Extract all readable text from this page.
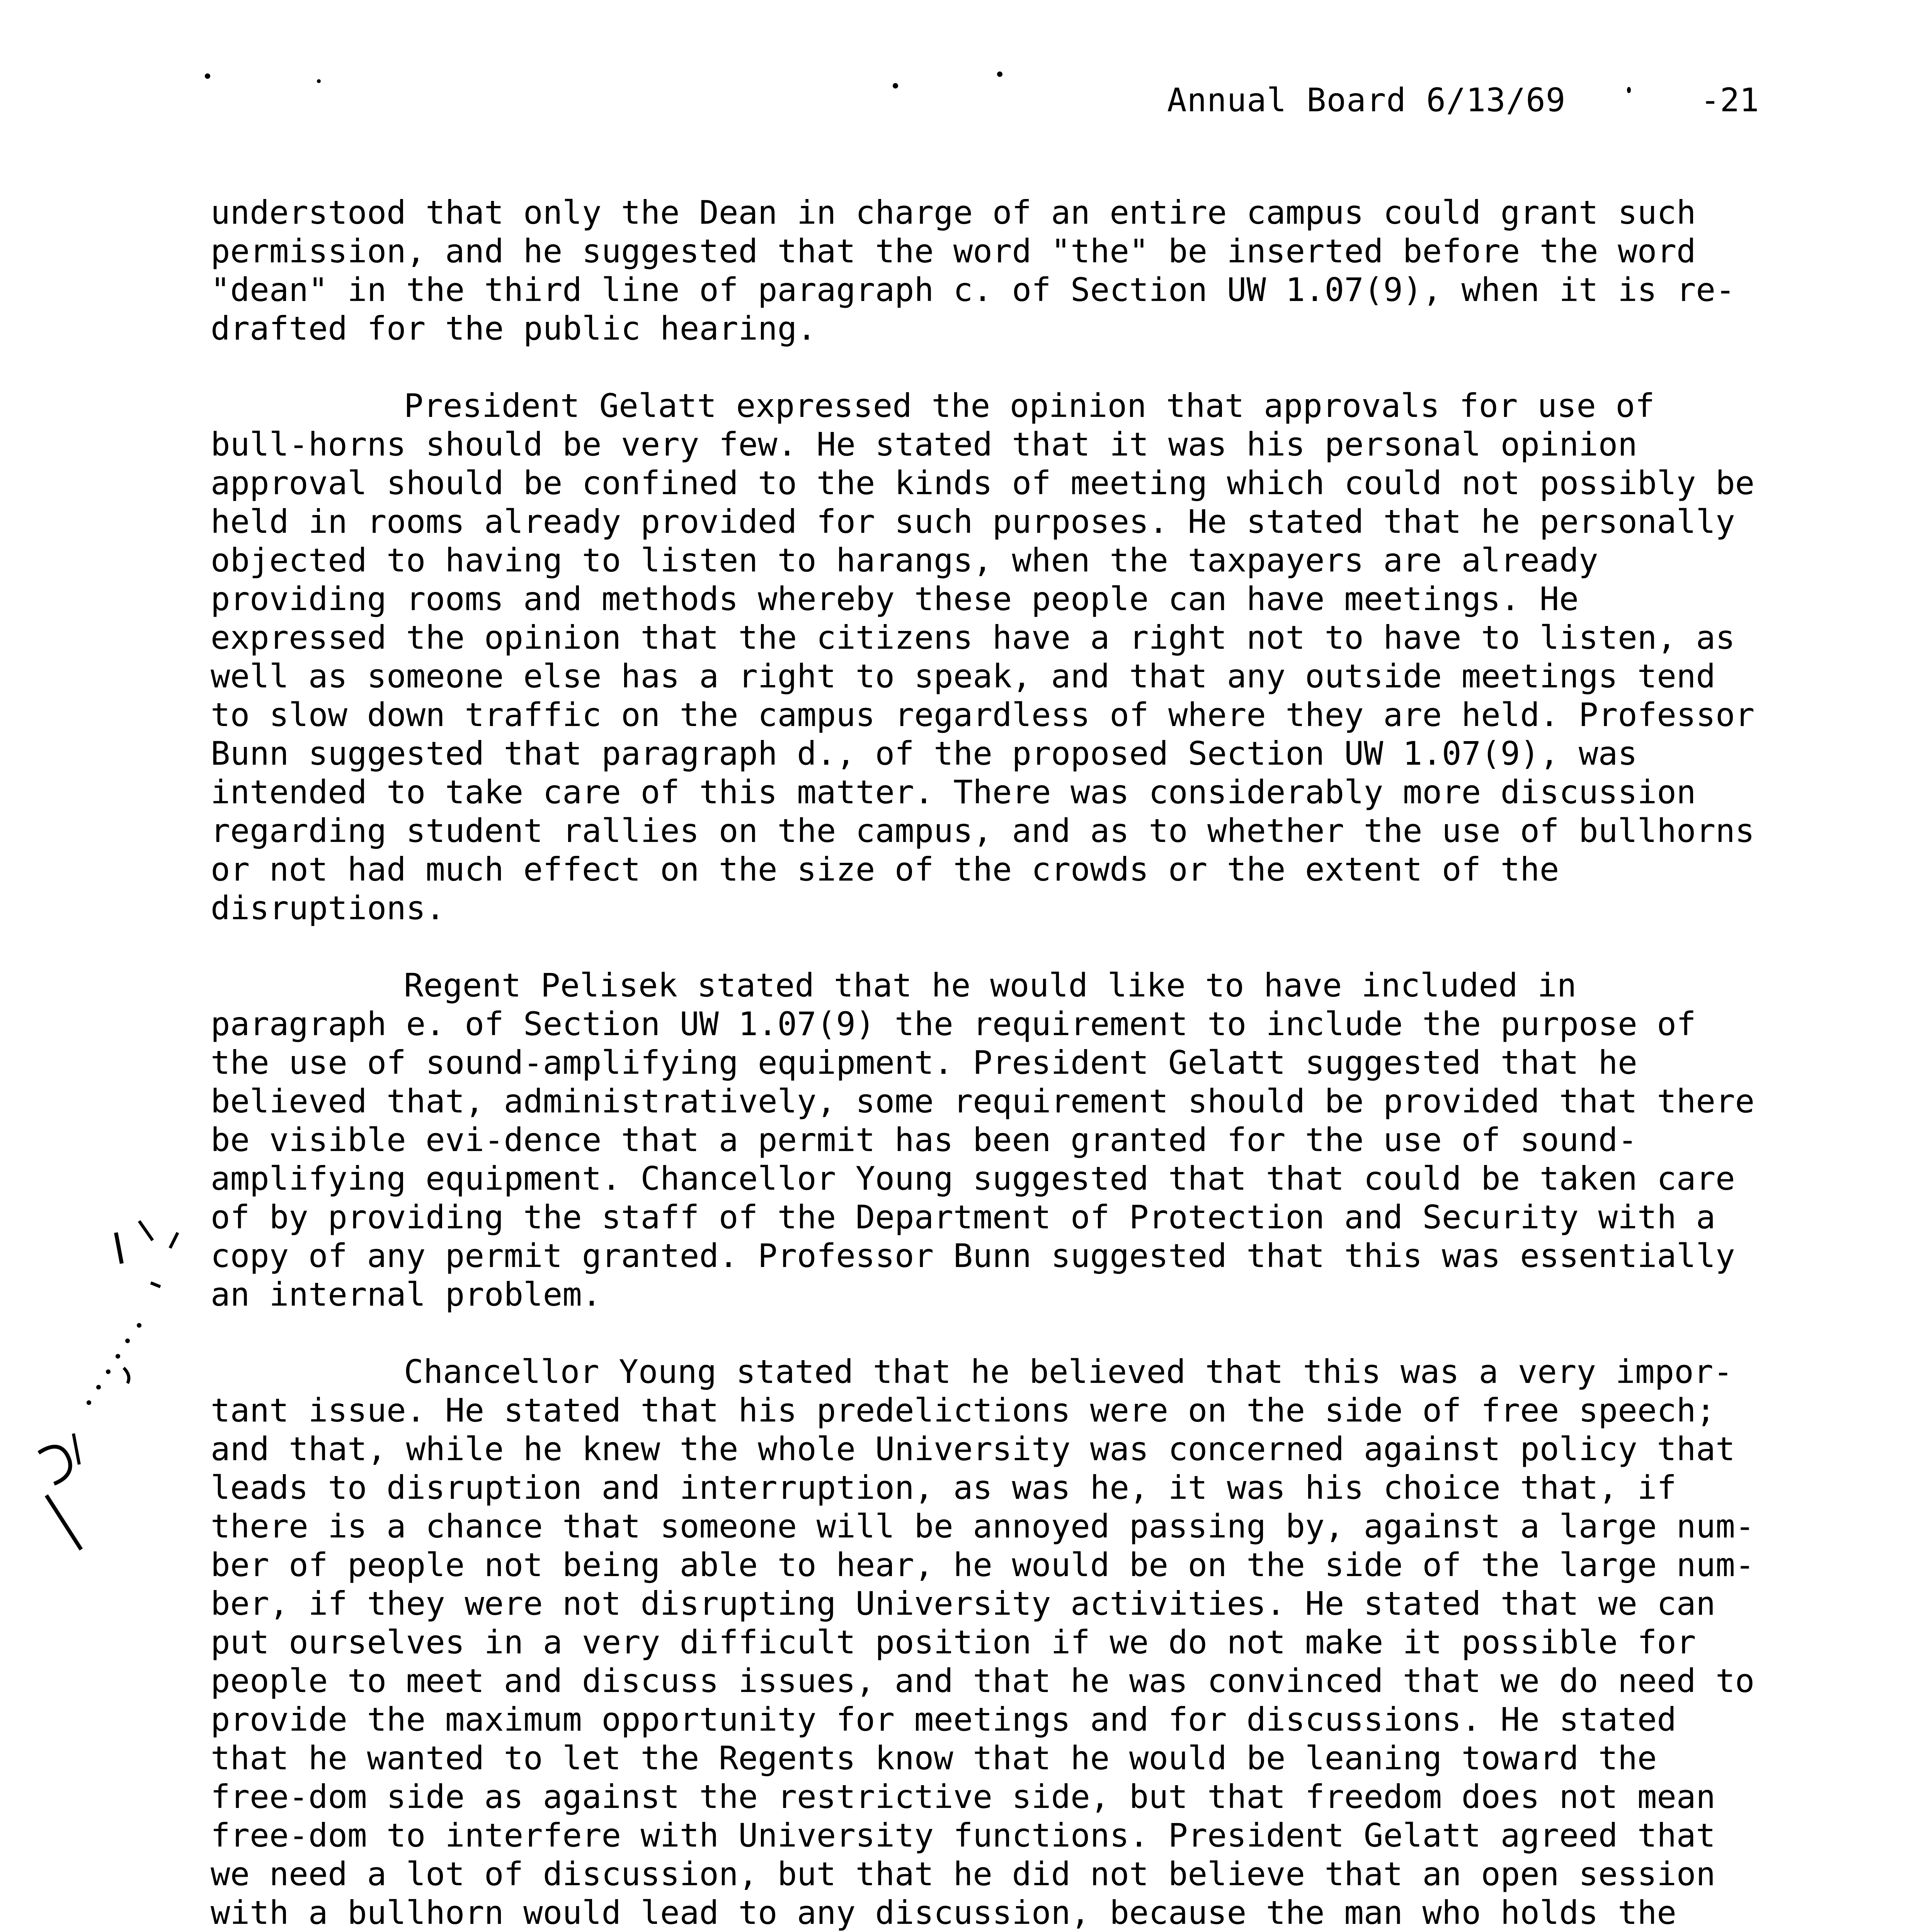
Annual Board 6/13/69	-21

understood that only the Dean in charge of an entire campus could grant such permission, and he suggested that the word "the" be inserted before the word "dean" in the third line of paragraph c. of Section UW 1.07(9), when it is re-drafted for the public hearing.

President Gelatt expressed the opinion that approvals for use of bull-horns should be very few. He stated that it was his personal opinion approval should be confined to the kinds of meeting which could not possibly be held in rooms already provided for such purposes. He stated that he personally objected to having to listen to harangs, when the taxpayers are already providing rooms and methods whereby these people can have meetings. He expressed the opinion that the citizens have a right not to have to listen, as well as someone else has a right to speak, and that any outside meetings tend to slow down traffic on the campus regardless of where they are held. Professor Bunn suggested that paragraph d., of the proposed Section UW 1.07(9), was intended to take care of this matter. There was considerably more discussion regarding student rallies on the campus, and as to whether the use of bullhorns or not had much effect on the size of the crowds or the extent of the disruptions.

Regent Pelisek stated that he would like to have included in paragraph e. of Section UW 1.07(9) the requirement to include the purpose of the use of sound-amplifying equipment. President Gelatt suggested that he believed that, administratively, some requirement should be provided that there be visible evi-dence that a permit has been granted for the use of sound-amplifying equipment. Chancellor Young suggested that that could be taken care of by providing the staff of the Department of Protection and Security with a copy of any permit granted. Professor Bunn suggested that this was essentially an internal problem.

Chancellor Young stated that he believed that this was a very impor-tant issue. He stated that his predelictions were on the side of free speech; and that, while he knew the whole University was concerned against policy that leads to disruption and interruption, as was he, it was his choice that, if there is a chance that someone will be annoyed passing by, against a large num-ber of people not being able to hear, he would be on the side of the large num-ber, if they were not disrupting University activities. He stated that we can put ourselves in a very difficult position if we do not make it possible for people to meet and discuss issues, and that he was convinced that we do need to provide the maximum opportunity for meetings and for discussions. He stated that he wanted to let the Regents know that he would be leaning toward the free-dom side as against the restrictive side, but that freedom does not mean free-dom to interfere with University functions. President Gelatt agreed that we need a lot of discussion, but that he did not believe that an open session with a bullhorn would lead to any discussion, because the man who holds the
